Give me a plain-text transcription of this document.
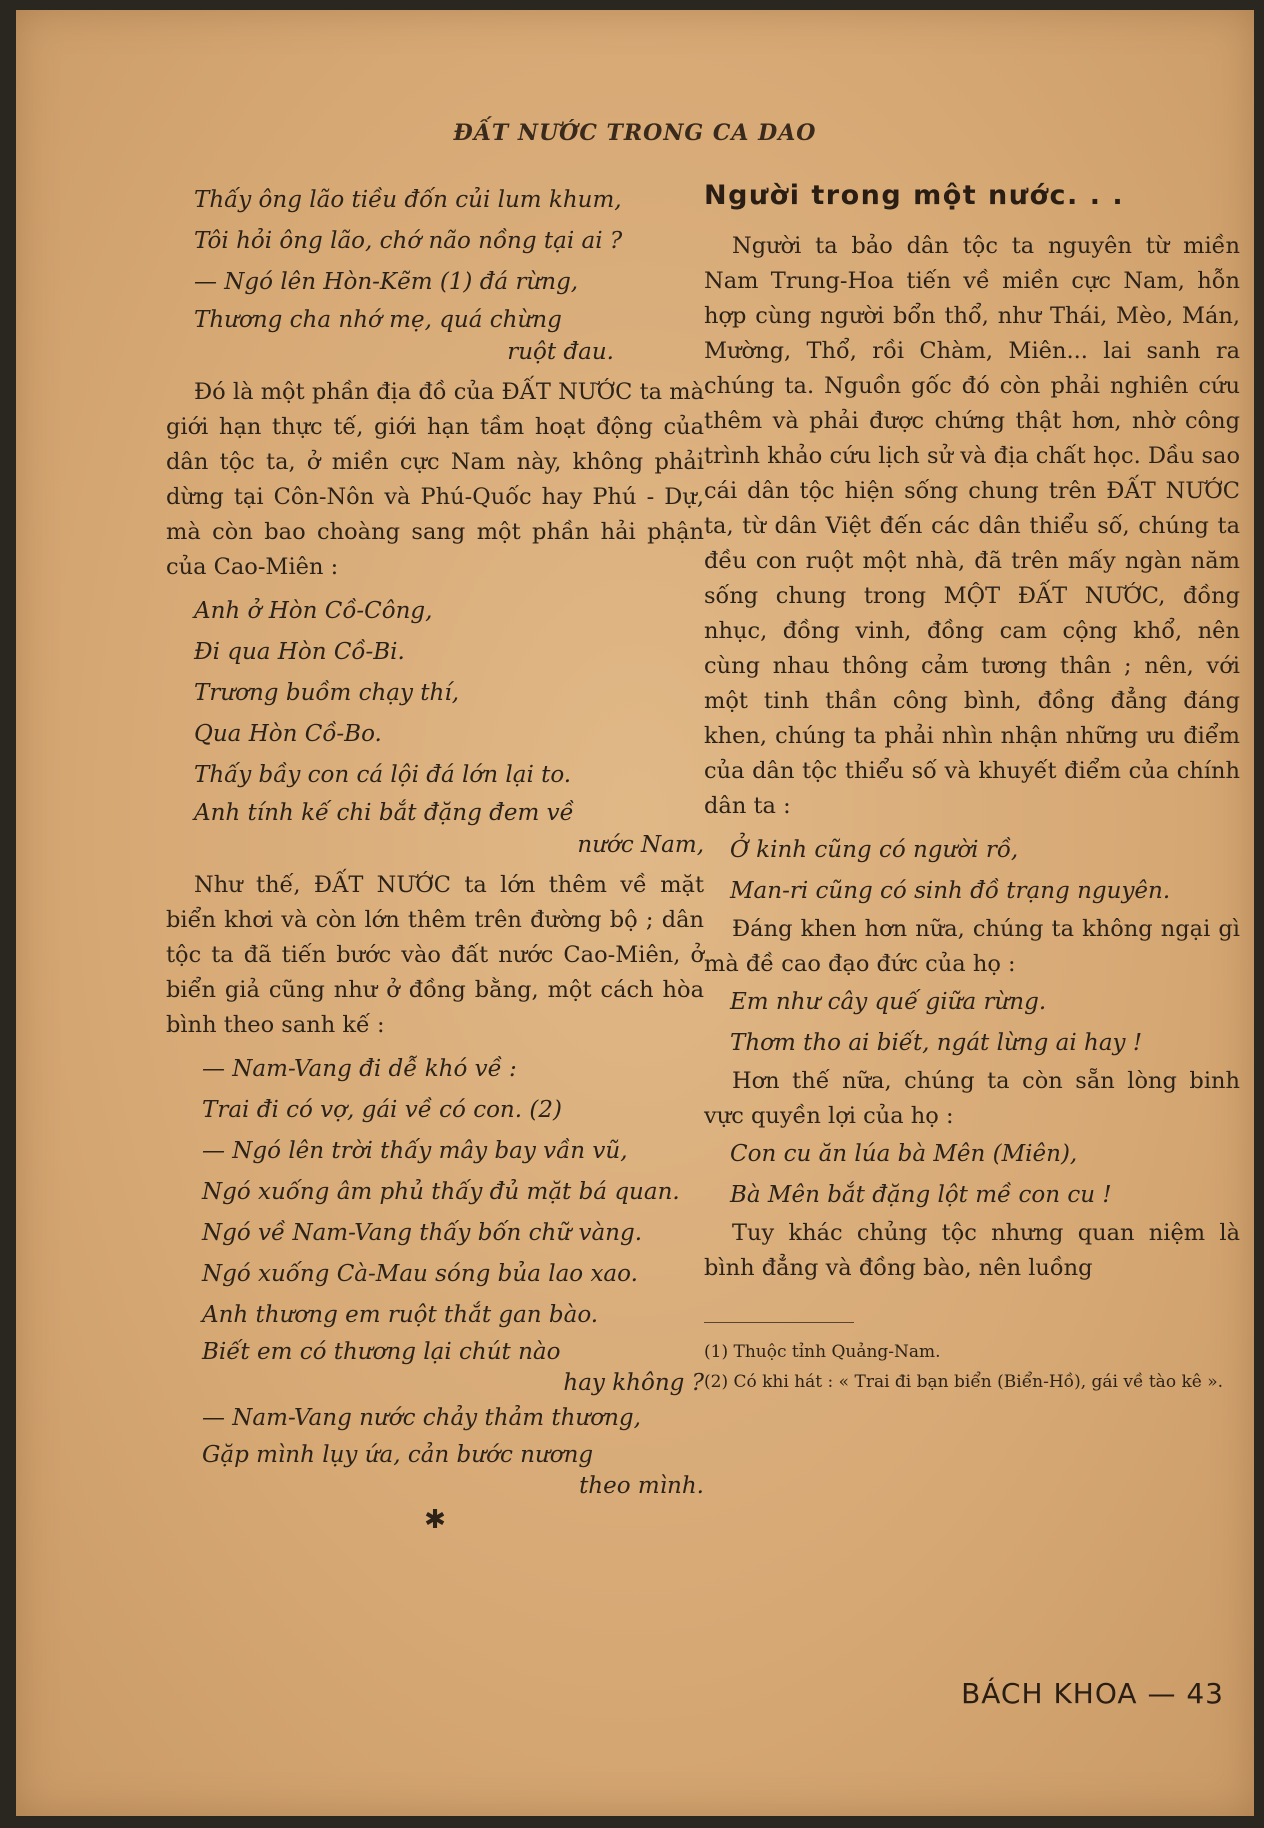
ĐẤT NƯỚC TRONG CA DAO
Thấy ông lão tiều đốn củi lum khum,
Tôi hỏi ông lão, chớ não nồng tại ai ?
— Ngó lên Hòn-Kẽm (1) đá rừng,
Thương cha nhớ mẹ, quá chừng
ruột đau.

Đó là một phần địa đồ của ĐẤT NƯỚC ta mà giới hạn thực tế, giới hạn tầm hoạt động của dân tộc ta, ở miền cực Nam này, không phải dừng tại Côn-Nôn và Phú-Quốc hay Phú - Dự, mà còn bao choàng sang một phần hải phận của Cao-Miên :

Anh ở Hòn Cồ-Công,
Đi qua Hòn Cồ-Bi.
Trương buồm chạy thí,
Qua Hòn Cồ-Bo.
Thấy bầy con cá lội đá lớn lại to.
Anh tính kế chi bắt đặng đem về
nước Nam,

Như thế, ĐẤT NƯỚC ta lớn thêm về mặt biển khơi và còn lớn thêm trên đường bộ ; dân tộc ta đã tiến bước vào đất nước Cao-Miên, ở biển giả cũng như ở đồng bằng, một cách hòa bình theo sanh kế :

— Nam-Vang đi dễ khó về :
Trai đi có vợ, gái về có con. (2)
— Ngó lên trời thấy mây bay vần vũ,
Ngó xuống âm phủ thấy đủ mặt bá quan.
Ngó về Nam-Vang thấy bốn chữ vàng.
Ngó xuống Cà-Mau sóng bủa lao xao.
Anh thương em ruột thắt gan bào.
Biết em có thương lại chút nào
hay không ?
— Nam-Vang nước chảy thảm thương,
Gặp mình lụy ứa, cản bước nương
theo mình.
✱
Người trong một nước. . .

Người ta bảo dân tộc ta nguyên từ miền Nam Trung-Hoa tiến về miền cực Nam, hỗn hợp cùng người bổn thổ, như Thái, Mèo, Mán, Mường, Thổ, rồi Chàm, Miên... lai sanh ra chúng ta. Nguồn gốc đó còn phải nghiên cứu thêm và phải được chứng thật hơn, nhờ công trình khảo cứu lịch sử và địa chất học. Dầu sao cái dân tộc hiện sống chung trên ĐẤT NƯỚC ta, từ dân Việt đến các dân thiểu số, chúng ta đều con ruột một nhà, đã trên mấy ngàn năm sống chung trong MỘT ĐẤT NƯỚC, đồng nhục, đồng vinh, đồng cam cộng khổ, nên cùng nhau thông cảm tương thân ; nên, với một tinh thần công bình, đồng đẳng đáng khen, chúng ta phải nhìn nhận những ưu điểm của dân tộc thiểu số và khuyết điểm của chính dân ta :

Ở kinh cũng có người rồ,
Man-ri cũng có sinh đồ trạng nguyên.

Đáng khen hơn nữa, chúng ta không ngại gì mà đề cao đạo đức của họ :

Em như cây quế giữa rừng.
Thơm tho ai biết, ngát lừng ai hay !

Hơn thế nữa, chúng ta còn sẵn lòng binh vực quyền lợi của họ :

Con cu ăn lúa bà Mên (Miên),
Bà Mên bắt đặng lột mề con cu !

Tuy khác chủng tộc nhưng quan niệm là bình đẳng và đồng bào, nên luồng

(1) Thuộc tỉnh Quảng-Nam.

(2) Có khi hát : « Trai đi bạn biển (Biển-Hồ), gái về tào kê ».

BÁCH KHOA — 43
